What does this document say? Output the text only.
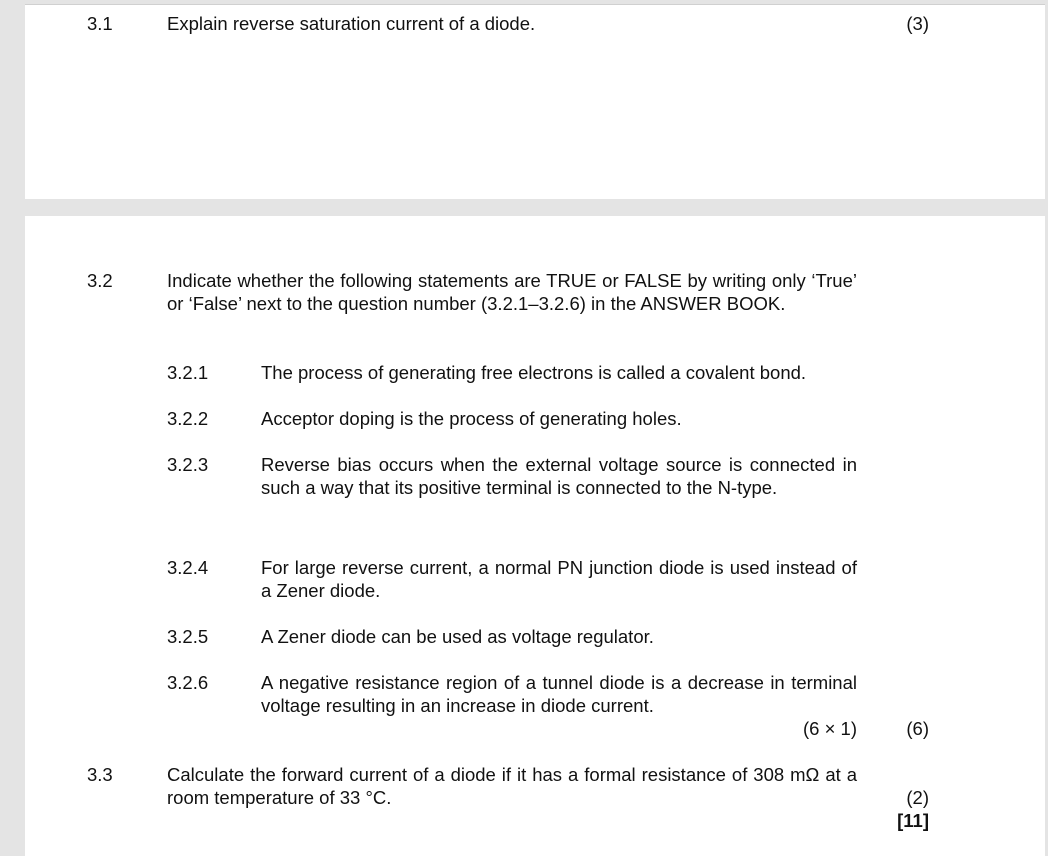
3.1	Explain reverse saturation current of a diode.	(3)
3.2	Indicate whether the following statements are TRUE or FALSE by writing only ‘True’ or ‘False’ next to the question number (3.2.1–3.2.6) in the ANSWER BOOK.
3.2.1	The process of generating free electrons is called a covalent bond.
3.2.2	Acceptor doping is the process of generating holes.
3.2.3	Reverse bias occurs when the external voltage source is connected in such a way that its positive terminal is connected to the N-type.
3.2.4	For large reverse current, a normal PN junction diode is used instead of a Zener diode.
3.2.5	A Zener diode can be used as voltage regulator.
3.2.6	A negative resistance region of a tunnel diode is a decrease in terminal voltage resulting in an increase in diode current.
(6 × 1)	(6)
3.3	Calculate the forward current of a diode if it has a formal resistance of 308 mΩ at a room temperature of 33 °C.	(2)
[11]
